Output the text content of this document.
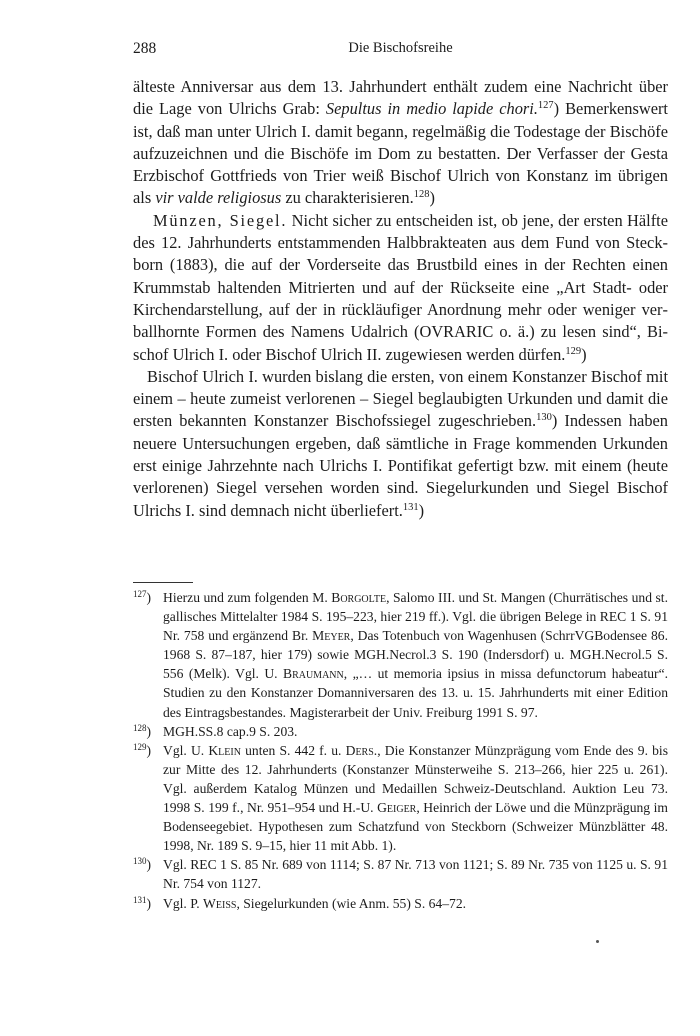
288	Die Bischofsreihe

älteste Anniversar aus dem 13. Jahrhundert enthält zudem eine Nachricht über die Lage von Ulrichs Grab: Sepultus in medio lapide chori.$^{127}$) Bemerkenswert ist, daß man unter Ulrich I. damit begann, regelmäßig die Todestage der Bischöfe aufzuzeichnen und die Bischöfe im Dom zu bestatten. Der Verfasser der Gesta Erzbischof Gottfrieds von Trier weiß Bischof Ulrich von Konstanz im übrigen als vir valde religiosus zu charakterisieren.$^{128}$)

Münzen, Siegel. Nicht sicher zu entscheiden ist, ob jene, der ersten Hälfte des 12. Jahrhunderts entstammenden Halbbrakteaten aus dem Fund von Steckborn (1883), die auf der Vorderseite das Brustbild eines in der Rechten einen Krummstab haltenden Mitrierten und auf der Rückseite eine „Art Stadt- oder Kirchendarstellung, auf der in rückläufiger Anordnung mehr oder weniger verballhornte Formen des Namens Udalrich (OVRARIC o. ä.) zu lesen sind“, Bischof Ulrich I. oder Bischof Ulrich II. zugewiesen werden dürfen.$^{129}$)

Bischof Ulrich I. wurden bislang die ersten, von einem Konstanzer Bischof mit einem – heute zumeist verlorenen – Siegel beglaubigten Urkunden und damit die ersten bekannten Konstanzer Bischofssiegel zugeschrieben.$^{130}$) Indessen haben neuere Untersuchungen ergeben, daß sämtliche in Frage kommenden Urkunden erst einige Jahrzehnte nach Ulrichs I. Pontifikat gefertigt bzw. mit einem (heute verlorenen) Siegel versehen worden sind. Siegelurkunden und Siegel Bischof Ulrichs I. sind demnach nicht überliefert.$^{131}$)

$^{127}$) Hierzu und zum folgenden M. Borgolte, Salomo III. und St. Mangen (Churrätisches und st. gallisches Mittelalter 1984 S. 195–223, hier 219 ff.). Vgl. die übrigen Belege in REC 1 S. 91 Nr. 758 und ergänzend Br. Meyer, Das Totenbuch von Wagenhusen (SchrrVGBodensee 86. 1968 S. 87–187, hier 179) sowie MGH.Necrol.3 S. 190 (Indersdorf) u. MGH.Necrol.5 S. 556 (Melk). Vgl. U. Braumann, „… ut memoria ipsius in missa defunctorum habeatur“. Studien zu den Konstanzer Domanniversaren des 13. u. 15. Jahrhunderts mit einer Edition des Eintragsbestandes. Magisterarbeit der Univ. Freiburg 1991 S. 97.

$^{128}$) MGH.SS.8 cap.9 S. 203.

$^{129}$) Vgl. U. Klein unten S. 442 f. u. Ders., Die Konstanzer Münzprägung vom Ende des 9. bis zur Mitte des 12. Jahrhunderts (Konstanzer Münsterweihe S. 213–266, hier 225 u. 261). Vgl. außerdem Katalog Münzen und Medaillen Schweiz-Deutschland. Auktion Leu 73. 1998 S. 199 f., Nr. 951–954 und H.-U. Geiger, Heinrich der Löwe und die Münzprägung im Bodenseegebiet. Hypothesen zum Schatzfund von Steckborn (Schweizer Münzblätter 48. 1998, Nr. 189 S. 9–15, hier 11 mit Abb. 1).

$^{130}$) Vgl. REC 1 S. 85 Nr. 689 von 1114; S. 87 Nr. 713 von 1121; S. 89 Nr. 735 von 1125 u. S. 91 Nr. 754 von 1127.

$^{131}$) Vgl. P. Weiß, Siegelurkunden (wie Anm. 55) S. 64–72.
